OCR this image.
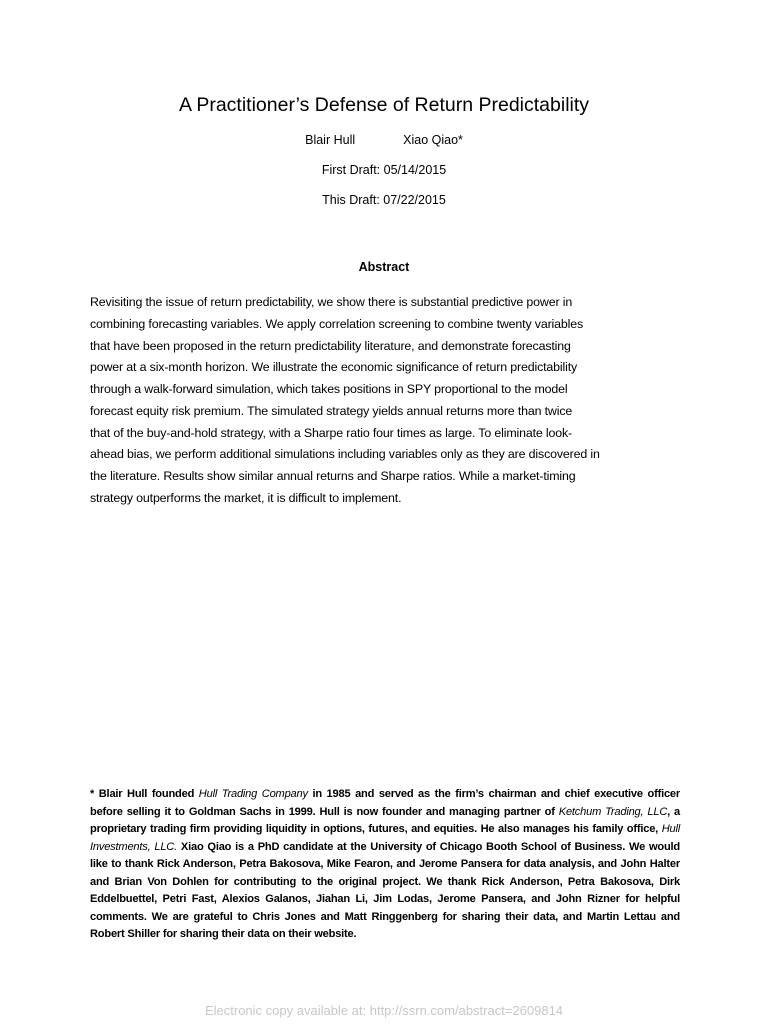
A Practitioner’s Defense of Return Predictability
Blair Hull	Xiao Qiao*
First Draft: 05/14/2015
This Draft: 07/22/2015
Abstract

Revisiting the issue of return predictability, we show there is substantial predictive power in
combining forecasting variables. We apply correlation screening to combine twenty variables
that have been proposed in the return predictability literature, and demonstrate forecasting
power at a six-month horizon. We illustrate the economic significance of return predictability
through a walk-forward simulation, which takes positions in SPY proportional to the model
forecast equity risk premium. The simulated strategy yields annual returns more than twice
that of the buy-and-hold strategy, with a Sharpe ratio four times as large. To eliminate look-
ahead bias, we perform additional simulations including variables only as they are discovered in
the literature. Results show similar annual returns and Sharpe ratios. While a market-timing
strategy outperforms the market, it is difficult to implement.

* Blair Hull founded Hull Trading Company in 1985 and served as the firm’s chairman and chief executive officer before selling it to Goldman Sachs in 1999. Hull is now founder and managing partner of Ketchum Trading, LLC, a proprietary trading firm providing liquidity in options, futures, and equities. He also manages his family office, Hull Investments, LLC. Xiao Qiao is a PhD candidate at the University of Chicago Booth School of Business. We would like to thank Rick Anderson, Petra Bakosova, Mike Fearon, and Jerome Pansera for data analysis, and John Halter and Brian Von Dohlen for contributing to the original project. We thank Rick Anderson, Petra Bakosova, Dirk Eddelbuettel, Petri Fast, Alexios Galanos, Jiahan Li, Jim Lodas, Jerome Pansera, and John Rizner for helpful comments. We are grateful to Chris Jones and Matt Ringgenberg for sharing their data, and Martin Lettau and Robert Shiller for sharing their data on their website.

Electronic copy available at: http://ssrn.com/abstract=2609814
